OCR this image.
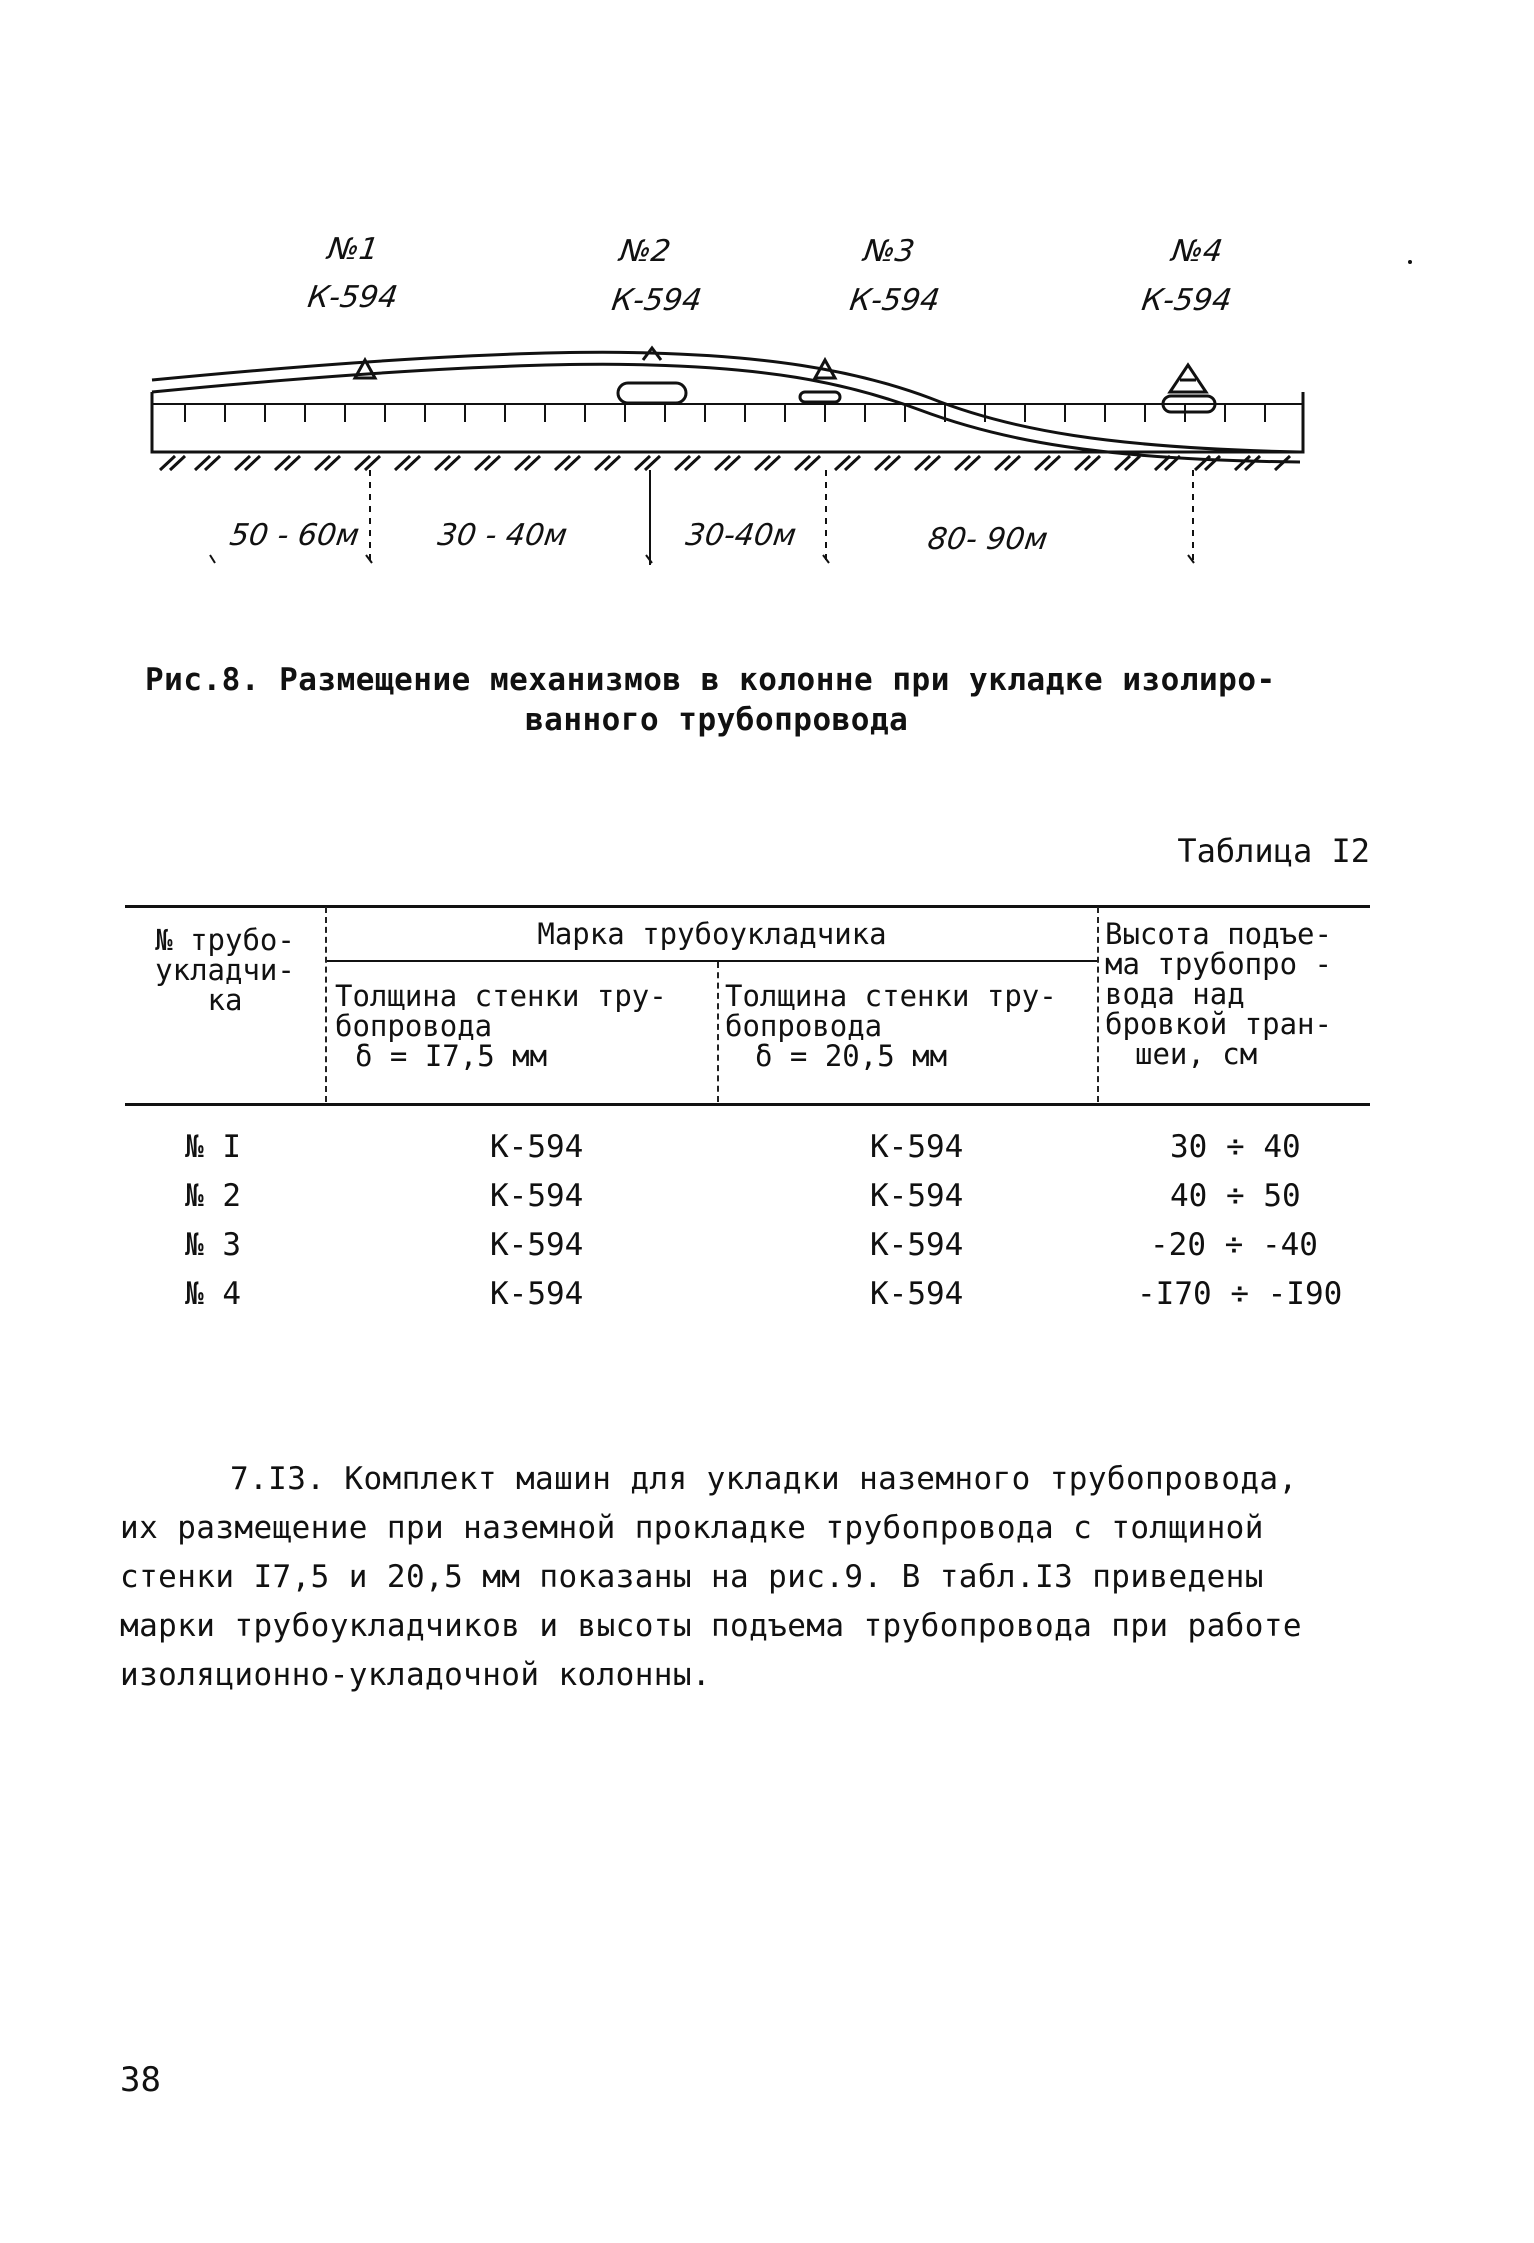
№1
К-594
№2
К-594
№3
К-594
№4
К-594
50 - 60м 30 - 40м	30-40м	80- 90м
Рис.8. Размещение механизмов в колонне при укладке изолиро-
ванного трубопровода
Таблица I2
№ трубо-
укладчи-
ка
Марка трубоукладчика
Толщина стенки тру-
бопровода
δ = I7,5 мм
Толщина стенки тру-
бопровода
δ = 20,5 мм
Высота подъе-
ма трубопро -
вода над
бровкой тран-
шеи, см
№ I	К-594	К-594	30 ÷ 40
№ 2	К-594	К-594	40 ÷ 50
№ 3	К-594	К-594	-20 ÷ -40
№ 4	К-594	К-594	-I70 ÷ -I90

7.I3. Комплект машин для укладки наземного трубопровода,

их размещение при наземной прокладке трубопровода с толщиной
стенки I7,5 и 20,5 мм показаны на рис.9. В табл.I3 приведены
марки трубоукладчиков и высоты подъема трубопровода при работе
изоляционно-укладочной колонны.
38
